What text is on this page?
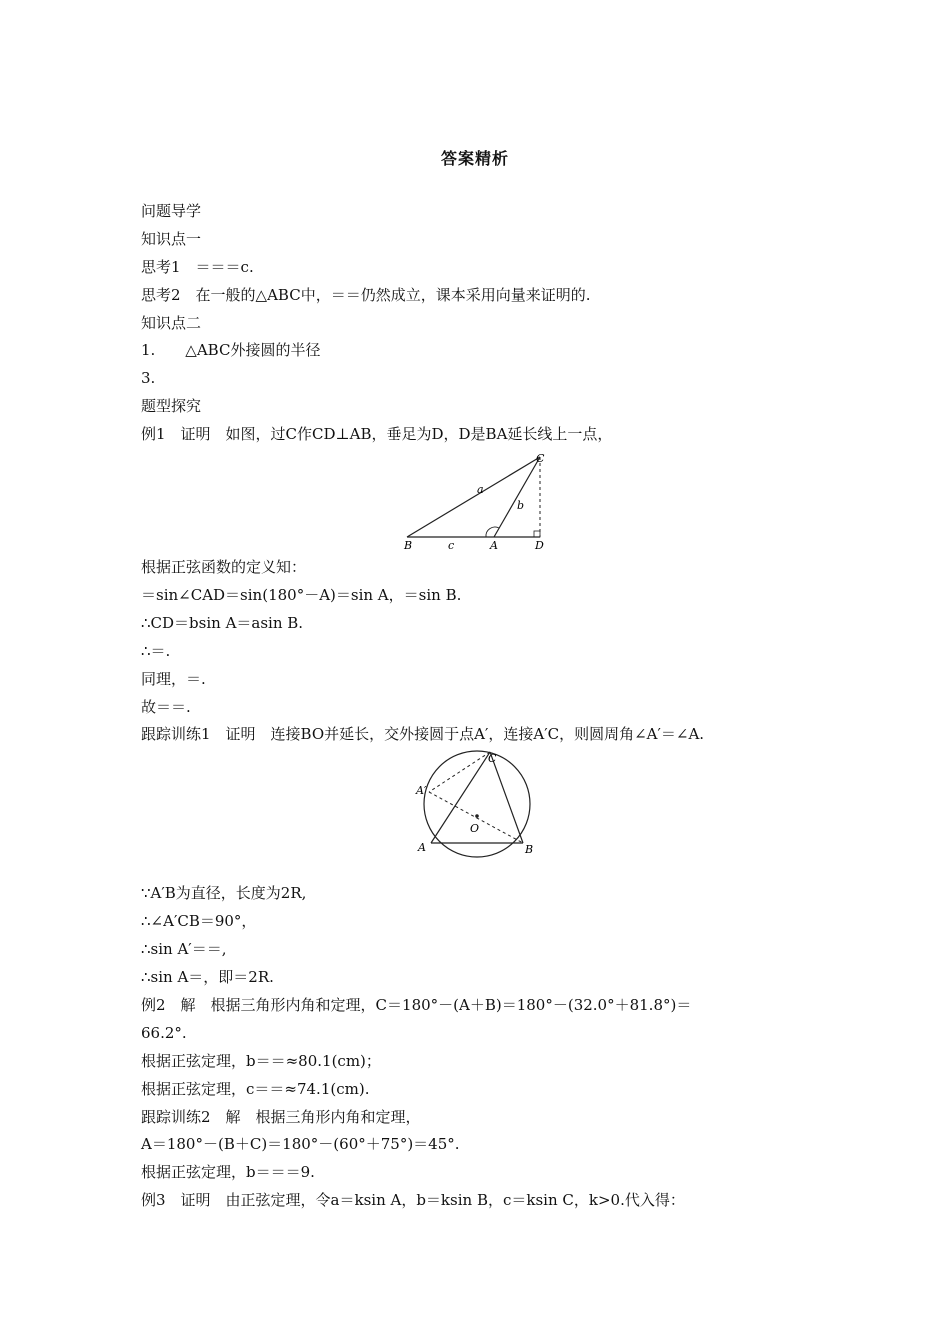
答案精析
问题导学
知识点一
思考1　＝＝＝c.
思考2　在一般的△ABC中，＝＝仍然成立，课本采用向量来证明的.
知识点二
1.　　△ABC外接圆的半径
3.
题型探究
例1　证明　如图，过C作CD⊥AB，垂足为D，D是BA延长线上一点，
C
a
b
B	c	A	D
根据正弦函数的定义知：
＝sin∠CAD＝sin(180°－A)＝sin A，＝sin B.
∴CD＝bsin A＝asin B.
∴＝.
同理，＝.
故＝＝.
跟踪训练1　证明　连接BO并延长，交外接圆于点A′，连接A′C，则圆周角∠A′＝∠A.
C
A′
O
A	B
∵A′B为直径，长度为2R,
∴∠A′CB＝90°，
∴sin A′＝＝,
∴sin A＝，即＝2R.
例2　解　根据三角形内角和定理，C＝180°－(A＋B)＝180°－(32.0°＋81.8°)＝
66.2°.
根据正弦定理，b＝＝≈80.1(cm)；
根据正弦定理，c＝＝≈74.1(cm).
跟踪训练2　解　根据三角形内角和定理，
A＝180°－(B＋C)＝180°－(60°＋75°)＝45°.
根据正弦定理，b＝＝＝9.
例3　证明　由正弦定理，令a＝ksin A，b＝ksin B，c＝ksin C，k>0.代入得：
